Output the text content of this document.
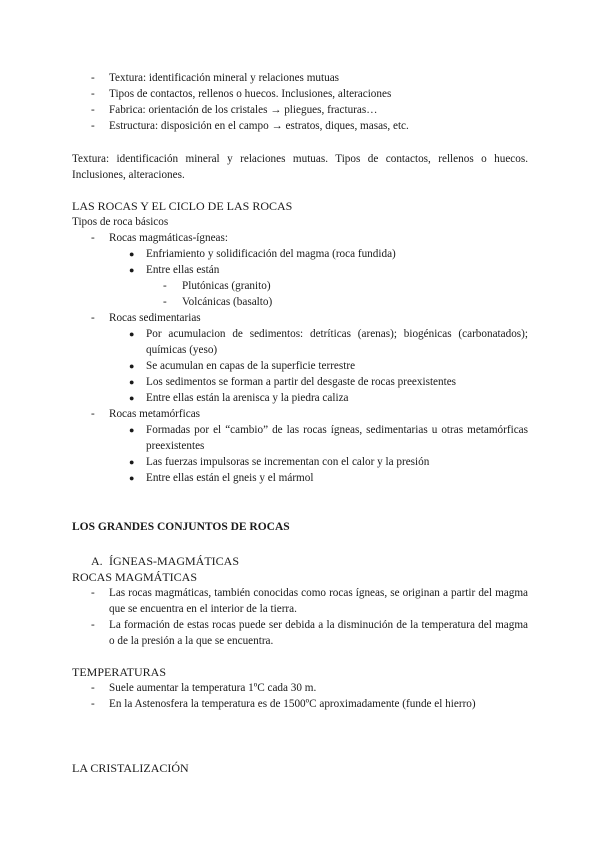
- Textura: identificación mineral y relaciones mutuas
- Tipos de contactos, rellenos o huecos. Inclusiones, alteraciones
- Fabrica: orientación de los cristales → pliegues, fracturas…
- Estructura: disposición en el campo → estratos, diques, masas, etc.
Textura: identificación mineral y relaciones mutuas. Tipos de contactos, rellenos o huecos. Inclusiones, alteraciones.
LAS ROCAS Y EL CICLO DE LAS ROCAS
Tipos de roca básicos
- Rocas magmáticas-ígneas:
● Enfriamiento y solidificación del magma (roca fundida)
● Entre ellas están
- Plutónicas (granito)
- Volcánicas (basalto)
- Rocas sedimentarias
● Por acumulacion de sedimentos: detríticas (arenas); biogénicas (carbonatados); químicas (yeso)
● Se acumulan en capas de la superficie terrestre
● Los sedimentos se forman a partir del desgaste de rocas preexistentes
● Entre ellas están la arenisca y la piedra caliza
- Rocas metamórficas
● Formadas por el “cambio” de las rocas ígneas, sedimentarias u otras metamórficas preexistentes
● Las fuerzas impulsoras se incrementan con el calor y la presión
● Entre ellas están el gneis y el mármol
LOS GRANDES CONJUNTOS DE ROCAS
A. ÍGNEAS-MAGMÁTICAS
ROCAS MAGMÁTICAS
- Las rocas magmáticas, también conocidas como rocas ígneas, se originan a partir del magma que se encuentra en el interior de la tierra.
- La formación de estas rocas puede ser debida a la disminución de la temperatura del magma o de la presión a la que se encuentra.
TEMPERATURAS
- Suele aumentar la temperatura 1ºC cada 30 m.
- En la Astenosfera la temperatura es de 1500ºC aproximadamente (funde el hierro)
LA CRISTALIZACIÓN
